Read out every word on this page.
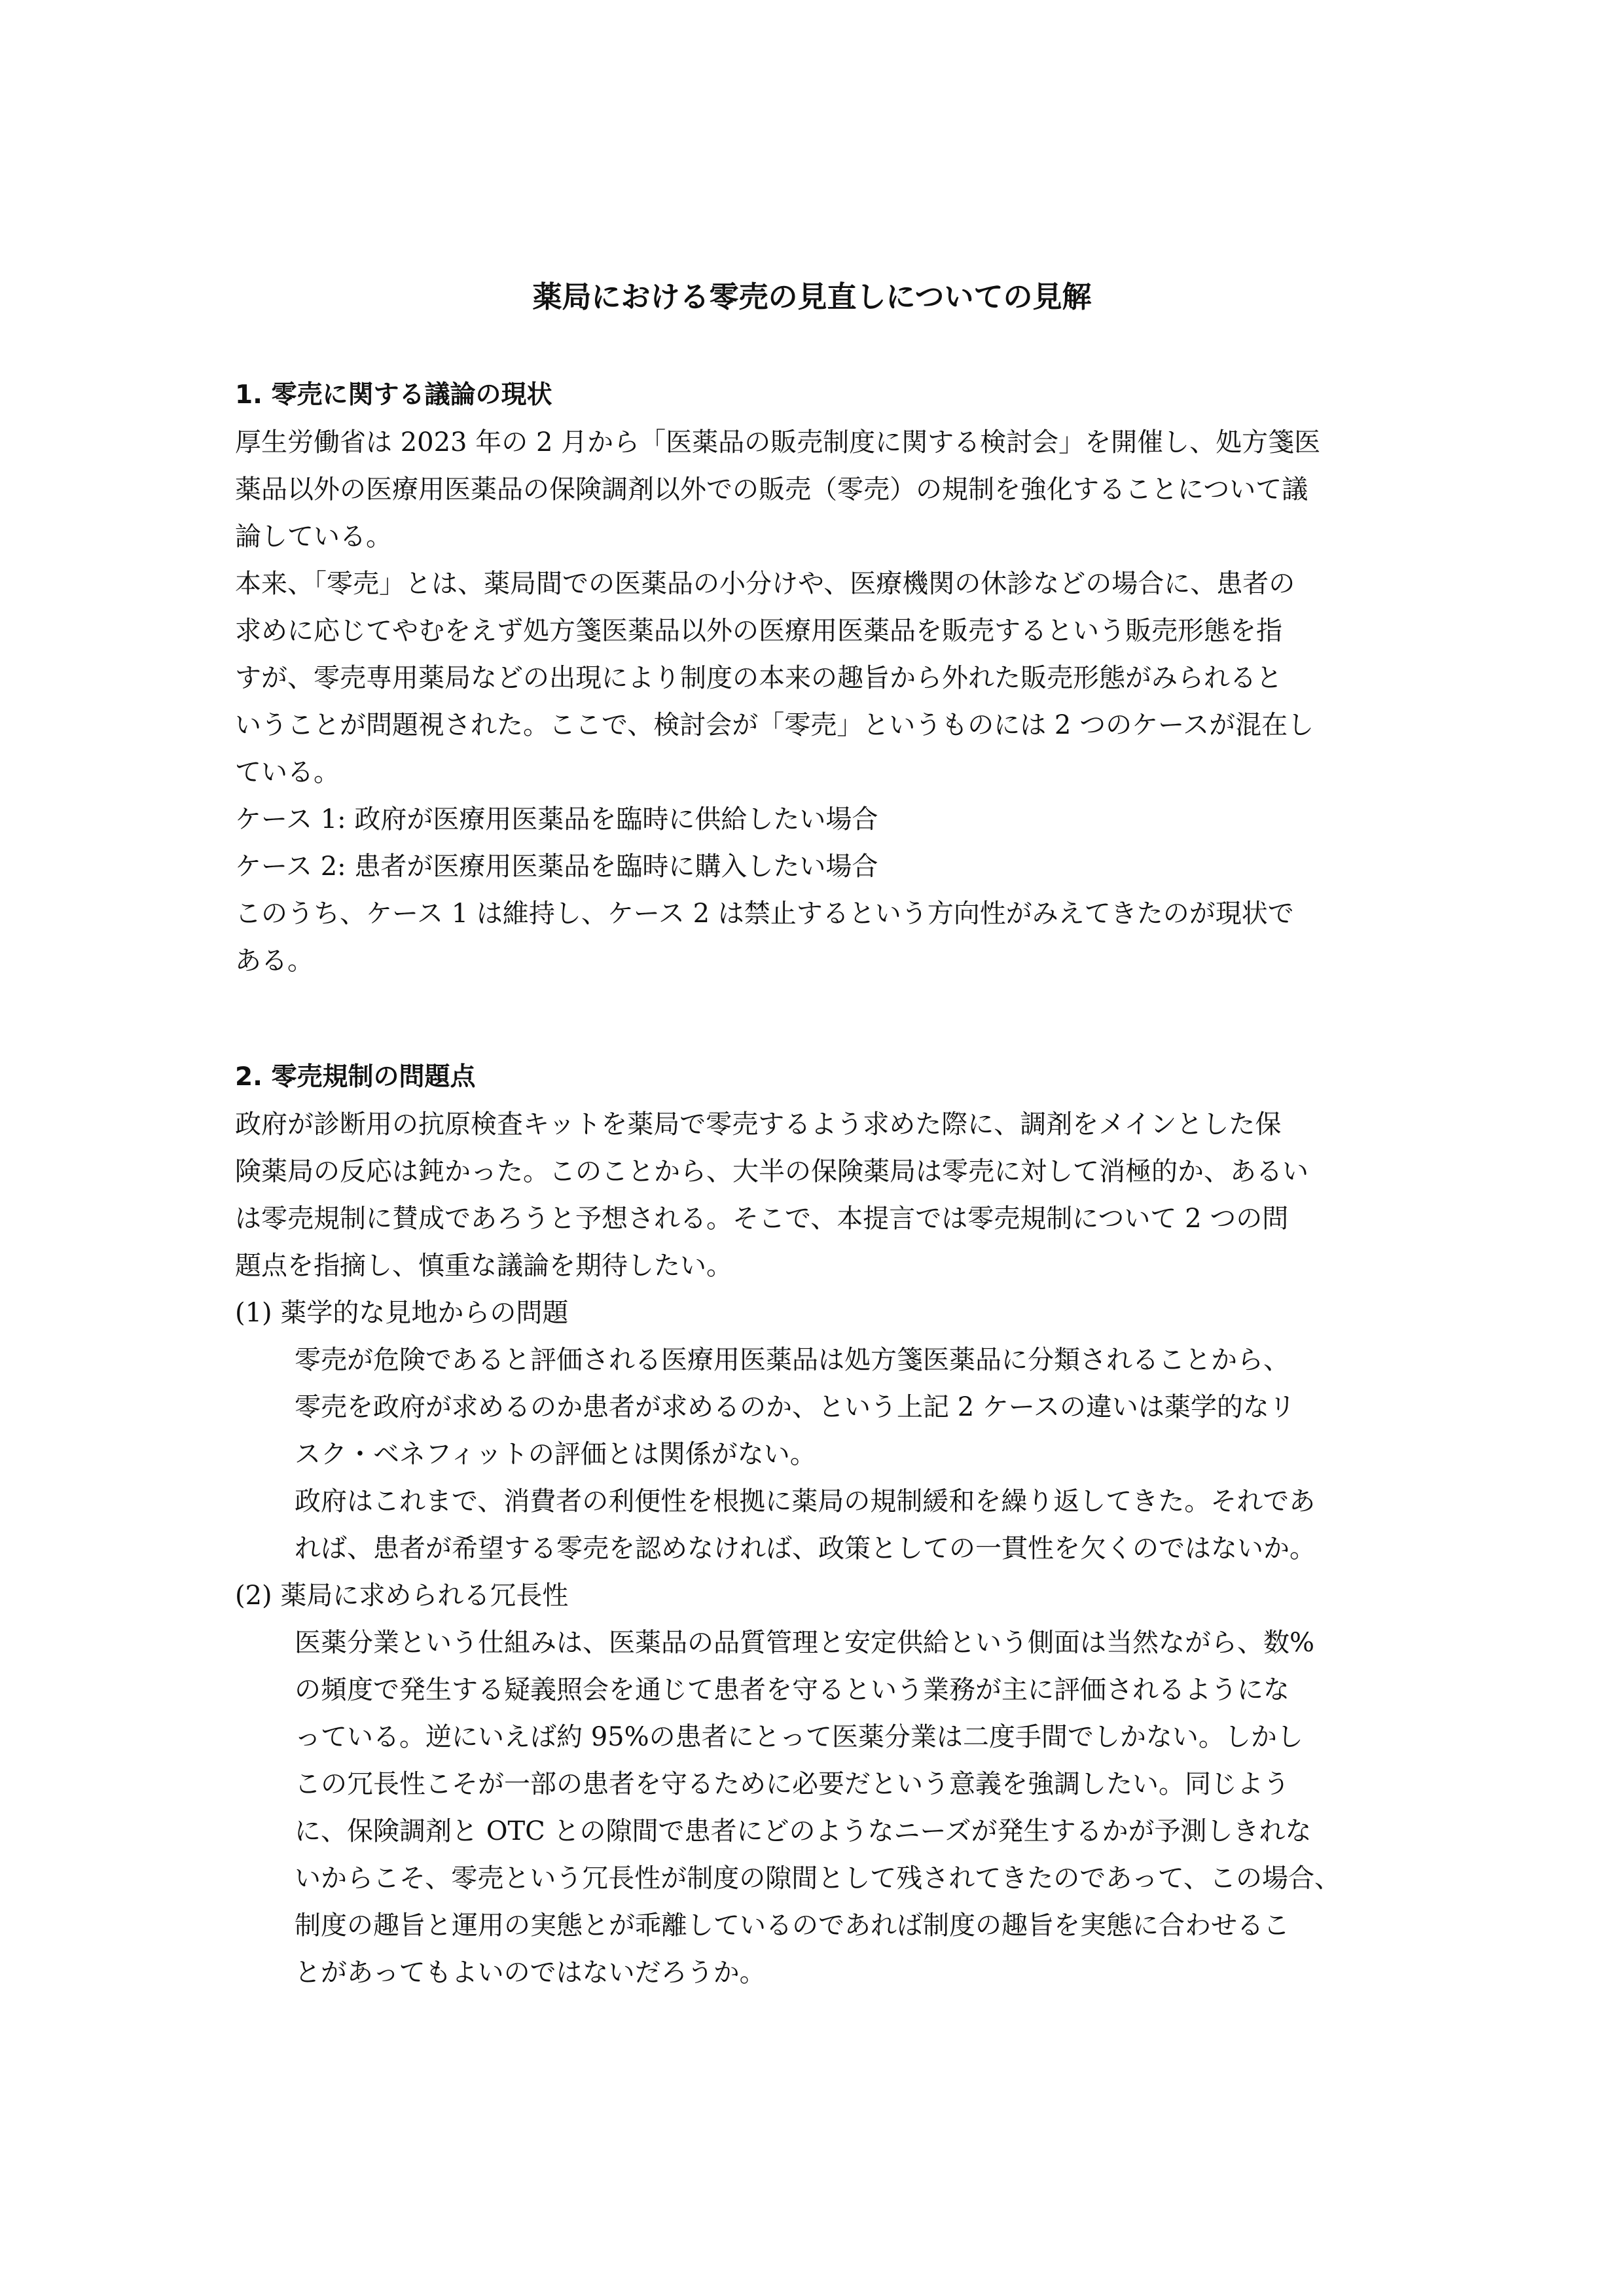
薬局における零売の見直しについての見解
1. 零売に関する議論の現状
厚生労働省は 2023 年の 2 月から「医薬品の販売制度に関する検討会」を開催し、処方箋医
薬品以外の医療用医薬品の保険調剤以外での販売（零売）の規制を強化することについて議
論している。
本来、「零売」とは、薬局間での医薬品の小分けや、医療機関の休診などの場合に、患者の
求めに応じてやむをえず処方箋医薬品以外の医療用医薬品を販売するという販売形態を指
すが、零売専用薬局などの出現により制度の本来の趣旨から外れた販売形態がみられると
いうことが問題視された。ここで、検討会が「零売」というものには 2 つのケースが混在し
ている。
ケース 1: 政府が医療用医薬品を臨時に供給したい場合
ケース 2: 患者が医療用医薬品を臨時に購入したい場合
このうち、ケース 1 は維持し、ケース 2 は禁止するという方向性がみえてきたのが現状で
ある。
2. 零売規制の問題点
政府が診断用の抗原検査キットを薬局で零売するよう求めた際に、調剤をメインとした保
険薬局の反応は鈍かった。このことから、大半の保険薬局は零売に対して消極的か、あるい
は零売規制に賛成であろうと予想される。そこで、本提言では零売規制について 2 つの問
題点を指摘し、慎重な議論を期待したい。
(1) 薬学的な見地からの問題
零売が危険であると評価される医療用医薬品は処方箋医薬品に分類されることから、
零売を政府が求めるのか患者が求めるのか、という上記 2 ケースの違いは薬学的なリ
スク・ベネフィットの評価とは関係がない。
政府はこれまで、消費者の利便性を根拠に薬局の規制緩和を繰り返してきた。それであ
れば、患者が希望する零売を認めなければ、政策としての一貫性を欠くのではないか。
(2) 薬局に求められる冗長性
医薬分業という仕組みは、医薬品の品質管理と安定供給という側面は当然ながら、数%
の頻度で発生する疑義照会を通じて患者を守るという業務が主に評価されるようにな
っている。逆にいえば約 95%の患者にとって医薬分業は二度手間でしかない。しかし
この冗長性こそが一部の患者を守るために必要だという意義を強調したい。同じよう
に、保険調剤と OTC との隙間で患者にどのようなニーズが発生するかが予測しきれな
いからこそ、零売という冗長性が制度の隙間として残されてきたのであって、この場合、
制度の趣旨と運用の実態とが乖離しているのであれば制度の趣旨を実態に合わせるこ
とがあってもよいのではないだろうか。
